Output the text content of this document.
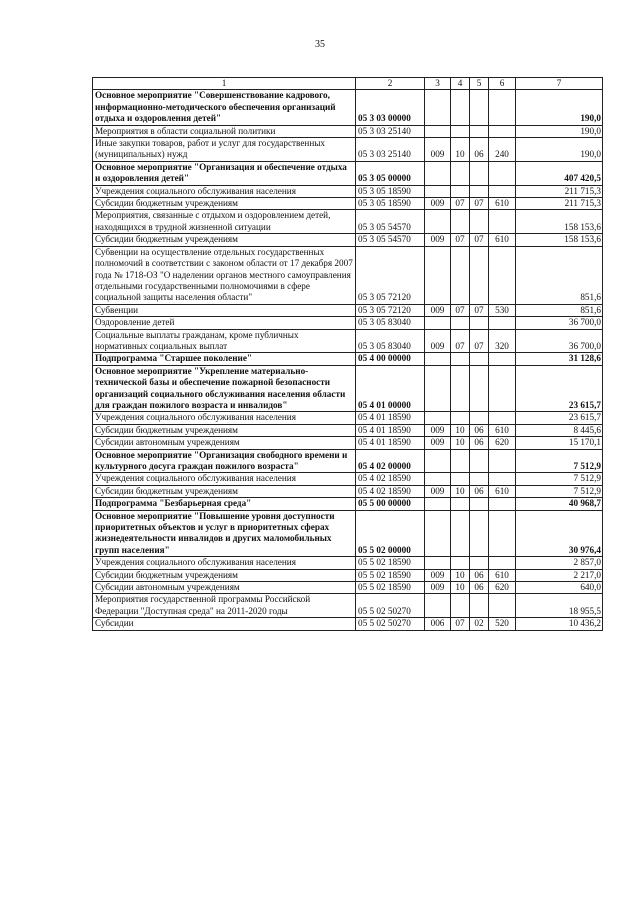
35
1	2	3	4	5	6	7
Основное мероприятие "Совершенствование кадрового, информационно-методического обеспечения организаций отдыха и оздоровления детей"	05 3 03 00000					190,0
Мероприятия в области социальной политики	05 3 03 25140					190,0
Иные закупки товаров, работ и услуг для государственных (муниципальных) нужд	05 3 03 25140	009	10	06	240	190,0
Основное мероприятие "Организация и обеспечение отдыха и оздоровления детей"	05 3 05 00000					407 420,5
Учреждения социального обслуживания населения	05 3 05 18590					211 715,3
Субсидии бюджетным учреждениям	05 3 05 18590	009	07	07	610	211 715,3
Мероприятия, связанные с отдыхом и оздоровлением детей, находящихся в трудной жизненной ситуации	05 3 05 54570					158 153,6
Субсидии бюджетным учреждениям	05 3 05 54570	009	07	07	610	158 153,6
Субвенции на осуществление отдельных государственных полномочий в соответствии с законом области от 17 декабря 2007 года № 1718-ОЗ "О наделении органов местного самоуправления отдельными государственными полномочиями в сфере социальной защиты населения области"	05 3 05 72120					851,6
Субвенции	05 3 05 72120	009	07	07	530	851,6
Оздоровление детей	05 3 05 83040					36 700,0
Социальные выплаты гражданам, кроме публичных нормативных социальных выплат	05 3 05 83040	009	07	07	320	36 700,0
Подпрограмма "Старшее поколение"	05 4 00 00000					31 128,6
Основное мероприятие "Укрепление материально-технической базы и обеспечение пожарной безопасности организаций социального обслуживания населения области для граждан пожилого возраста и инвалидов"	05 4 01 00000					23 615,7
Учреждения социального обслуживания населения	05 4 01 18590					23 615,7
Субсидии бюджетным учреждениям	05 4 01 18590	009	10	06	610	8 445,6
Субсидии автономным учреждениям	05 4 01 18590	009	10	06	620	15 170,1
Основное мероприятие "Организация свободного времени и культурного досуга граждан пожилого возраста"	05 4 02 00000					7 512,9
Учреждения социального обслуживания населения	05 4 02 18590					7 512,9
Субсидии бюджетным учреждениям	05 4 02 18590	009	10	06	610	7 512,9
Подпрограмма "Безбарьерная среда"	05 5 00 00000					40 968,7
Основное мероприятие "Повышение уровня доступности приоритетных объектов и услуг в приоритетных сферах жизнедеятельности инвалидов и других маломобильных групп населения"	05 5 02 00000					30 976,4
Учреждения социального обслуживания населения	05 5 02 18590					2 857,0
Субсидии бюджетным учреждениям	05 5 02 18590	009	10	06	610	2 217,0
Субсидии автономным учреждениям	05 5 02 18590	009	10	06	620	640,0
Мероприятия государственной программы Российской Федерации "Доступная среда" на 2011-2020 годы	05 5 02 50270					18 955,5
Субсидии	05 5 02 50270	006	07	02	520	10 436,2
